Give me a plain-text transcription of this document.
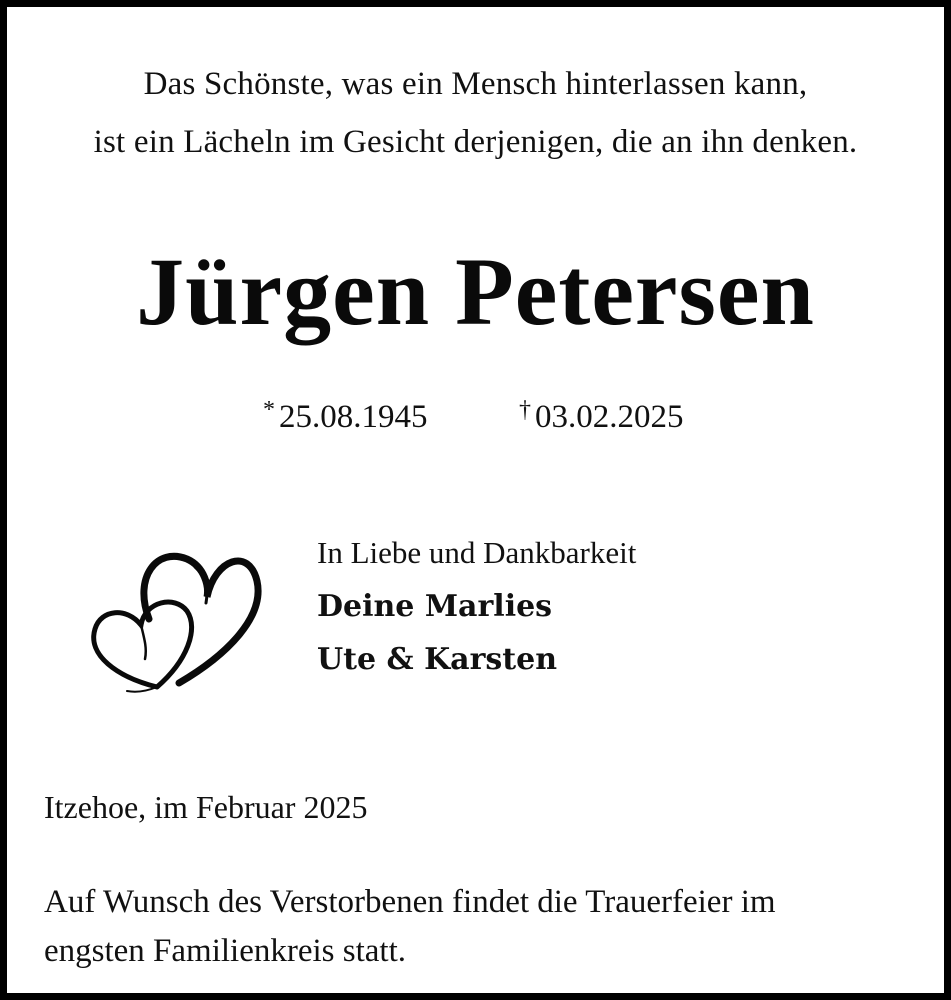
Das Schönste, was ein Mensch hinterlassen kann,
ist ein Lächeln im Gesicht derjenigen, die an ihn denken.
Jürgen Petersen
* 25.08.1945	† 03.02.2025
In Liebe und Dankbarkeit
Deine Marlies
Ute & Karsten
Itzehoe, im Februar 2025
Auf Wunsch des Verstorbenen findet die Trauerfeier im
engsten Familienkreis statt.
